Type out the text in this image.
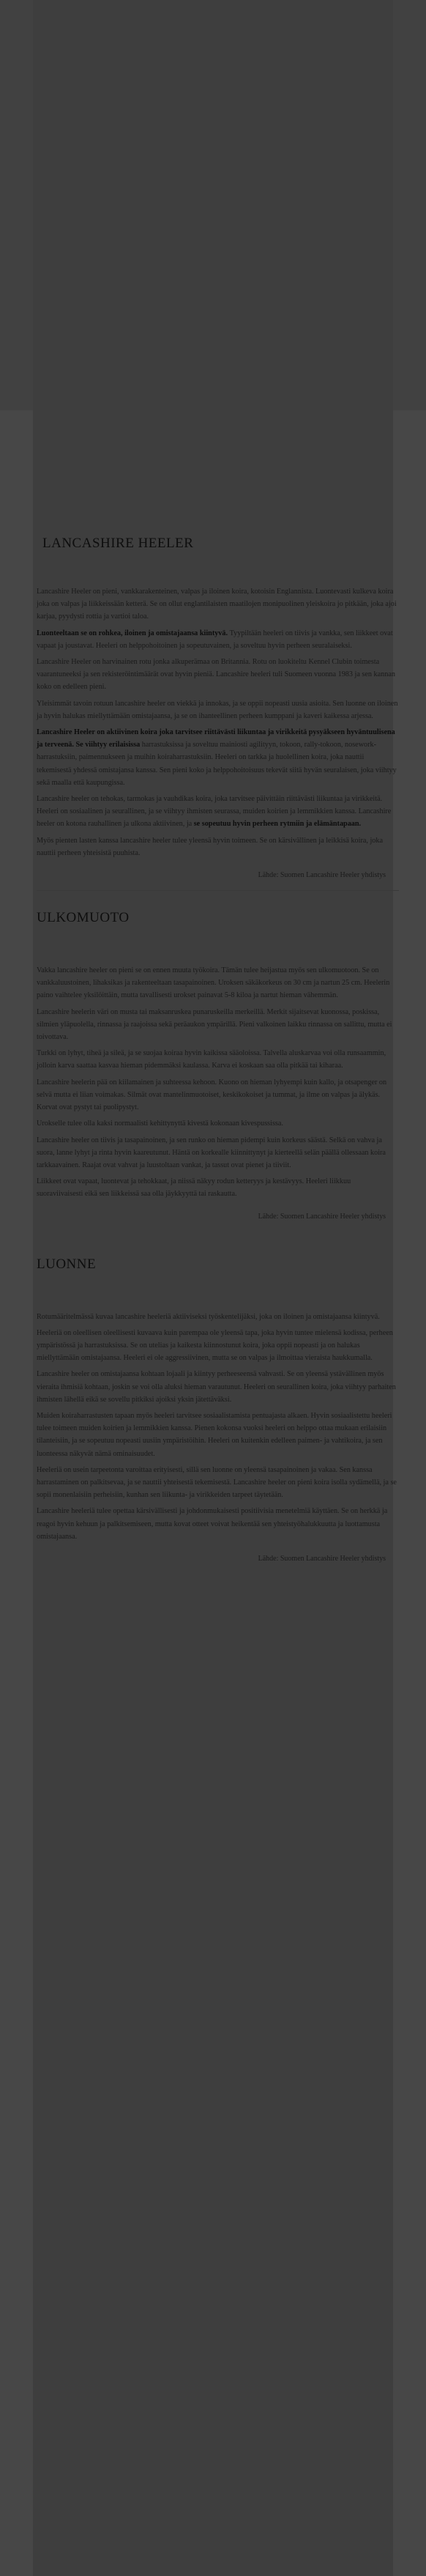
LANCASHIRE HEELER

Lancashire Heeler on pieni, vankkarakenteinen, valpas ja iloinen koira, kotoisin Englannista. Luontevasti kulkeva koira joka on valpas ja liikkeissään ketterä. Se on ollut englantilaisten maatilojen monipuolinen yleiskoira jo pitkään, joka ajoi karjaa, pyydysti rottia ja vartioi taloa.

Luonteeltaan se on rohkea, iloinen ja omistajaansa kiintyvä. Tyypiltään heeleri on tiivis ja vankka, sen liikkeet ovat vapaat ja joustavat. Heeleri on helppohoitoinen ja sopeutuvainen, ja soveltuu hyvin perheen seuralaiseksi.

Lancashire Heeler on harvinainen rotu jonka alkuperämaa on Britannia. Rotu on luokiteltu Kennel Clubin toimesta vaarantuneeksi ja sen rekisteröintimäärät ovat hyvin pieniä. Lancashire heeleri tuli Suomeen vuonna 1983 ja sen kannan koko on edelleen pieni.

Yleisimmät tavoin rotuun lancashire heeler on viekkä ja innokas, ja se oppii nopeasti uusia asioita. Sen luonne on iloinen ja hyvin halukas miellyttämään omistajaansa, ja se on ihanteellinen perheen kumppani ja kaveri kaikessa arjessa.

Lancashire Heeler on aktiivinen koira joka tarvitsee riittävästi liikuntaa ja virikkeitä pysyäkseen hyväntuulisena ja terveenä. Se viihtyy erilaisissa harrastuksissa ja soveltuu mainiosti agilityyn, tokoon, rally-tokoon, nosework-harrastuksiin, paimennukseen ja muihin koiraharrastuksiin. Heeleri on tarkka ja huolellinen koira, joka nauttii tekemisestä yhdessä omistajansa kanssa. Sen pieni koko ja helppohoitoisuus tekevät siitä hyvän seuralaisen, joka viihtyy sekä maalla että kaupungissa.

Lancashire heeler on tehokas, tarmokas ja vauhdikas koira, joka tarvitsee päivittäin riittävästi liikuntaa ja virikkeitä. Heeleri on sosiaalinen ja seurallinen, ja se viihtyy ihmisten seurassa, muiden koirien ja lemmikkien kanssa. Lancashire heeler on kotona rauhallinen ja ulkona aktiivinen, ja se sopeutuu hyvin perheen rytmiin ja elämäntapaan.

Myös pienten lasten kanssa lancashire heeler tulee yleensä hyvin toimeen. Se on kärsivällinen ja leikkisä koira, joka nauttii perheen yhteisistä puuhista.

Lähde: Suomen Lancashire Heeler yhdistys
ULKOMUOTO

Vakka lancashire heeler on pieni se on ennen muuta työkoira. Tämän tulee heijastua myös sen ulkomuotoon. Se on vankkaluustoinen, lihaksikas ja rakenteeltaan tasapainoinen. Uroksen säkäkorkeus on 30 cm ja nartun 25 cm. Heelerin paino vaihtelee yksilöittäin, mutta tavallisesti urokset painavat 5-8 kiloa ja nartut hieman vähemmän.

Lancashire heelerin väri on musta tai maksanruskea punaruskeilla merkeillä. Merkit sijaitsevat kuonossa, poskissa, silmien yläpuolella, rinnassa ja raajoissa sekä peräaukon ympärillä. Pieni valkoinen laikku rinnassa on sallittu, mutta ei toivottava.

Turkki on lyhyt, tiheä ja sileä, ja se suojaa koiraa hyvin kaikissa sääoloissa. Talvella aluskarvaa voi olla runsaammin, jolloin karva saattaa kasvaa hieman pidemmäksi kaulassa. Karva ei koskaan saa olla pitkää tai kiharaa.

Lancashire heelerin pää on kiilamainen ja suhteessa kehoon. Kuono on hieman lyhyempi kuin kallo, ja otsapenger on selvä mutta ei liian voimakas. Silmät ovat mantelinmuotoiset, keskikokoiset ja tummat, ja ilme on valpas ja älykäs. Korvat ovat pystyt tai puolipystyt.

Urokselle tulee olla kaksi normaalisti kehittynyttä kivestä kokonaan kivespussissa.

Lancashire heeler on tiivis ja tasapainoinen, ja sen runko on hieman pidempi kuin korkeus säästä. Selkä on vahva ja suora, lanne lyhyt ja rinta hyvin kaareutunut. Häntä on korkealle kiinnittynyt ja kierteellä selän päällä ollessaan koira tarkkaavainen. Raajat ovat vahvat ja luustoltaan vankat, ja tassut ovat pienet ja tiiviit.

Liikkeet ovat vapaat, luontevat ja tehokkaat, ja niissä näkyy rodun ketteryys ja kestävyys. Heeleri liikkuu suoraviivaisesti eikä sen liikkeissä saa olla jäykkyyttä tai raskautta.

Lähde: Suomen Lancashire Heeler yhdistys
LUONNE

Rotumääritelmässä kuvaa lancashire heeleriä aktiiviseksi työskentelijäksi, joka on iloinen ja omistajaansa kiintyvä.

Heeleriä on oleellisen oleellisesti kuvaava kuin parempaa ole yleensä tapa, joka hyvin tuntee mielensä kodissa, perheen ympäristössä ja harrastuksissa. Se on utelias ja kaikesta kiinnostunut koira, joka oppii nopeasti ja on halukas miellyttämään omistajaansa. Heeleri ei ole aggressiivinen, mutta se on valpas ja ilmoittaa vieraista haukkumalla.

Lancashire heeler on omistajaansa kohtaan lojaali ja kiintyy perheeseensä vahvasti. Se on yleensä ystävällinen myös vieraita ihmisiä kohtaan, joskin se voi olla aluksi hieman varautunut. Heeleri on seurallinen koira, joka viihtyy parhaiten ihmisten lähellä eikä se sovellu pitkiksi ajoiksi yksin jätettäväksi.

Muiden koiraharrastusten tapaan myös heeleri tarvitsee sosiaalistamista pentuajasta alkaen. Hyvin sosiaalistettu heeleri tulee toimeen muiden koirien ja lemmikkien kanssa. Pienen kokonsa vuoksi heeleri on helppo ottaa mukaan erilaisiin tilanteisiin, ja se sopeutuu nopeasti uusiin ympäristöihin. Heeleri on kuitenkin edelleen paimen- ja vahtikoira, ja sen luonteessa näkyvät nämä ominaisuudet.

Heeleriä on usein tarpeetonta varoittaa erityisesti, sillä sen luonne on yleensä tasapainoinen ja vakaa. Sen kanssa harrastaminen on palkitsevaa, ja se nauttii yhteisestä tekemisestä. Lancashire heeler on pieni koira isolla sydämellä, ja se sopii monenlaisiin perheisiin, kunhan sen liikunta- ja virikkeiden tarpeet täytetään.

Lancashire heeleriä tulee opettaa kärsivällisesti ja johdonmukaisesti positiivisia menetelmiä käyttäen. Se on herkkä ja reagoi hyvin kehuun ja palkitsemiseen, mutta kovat otteet voivat heikentää sen yhteistyöhalukkuutta ja luottamusta omistajaansa.

Lähde: Suomen Lancashire Heeler yhdistys
